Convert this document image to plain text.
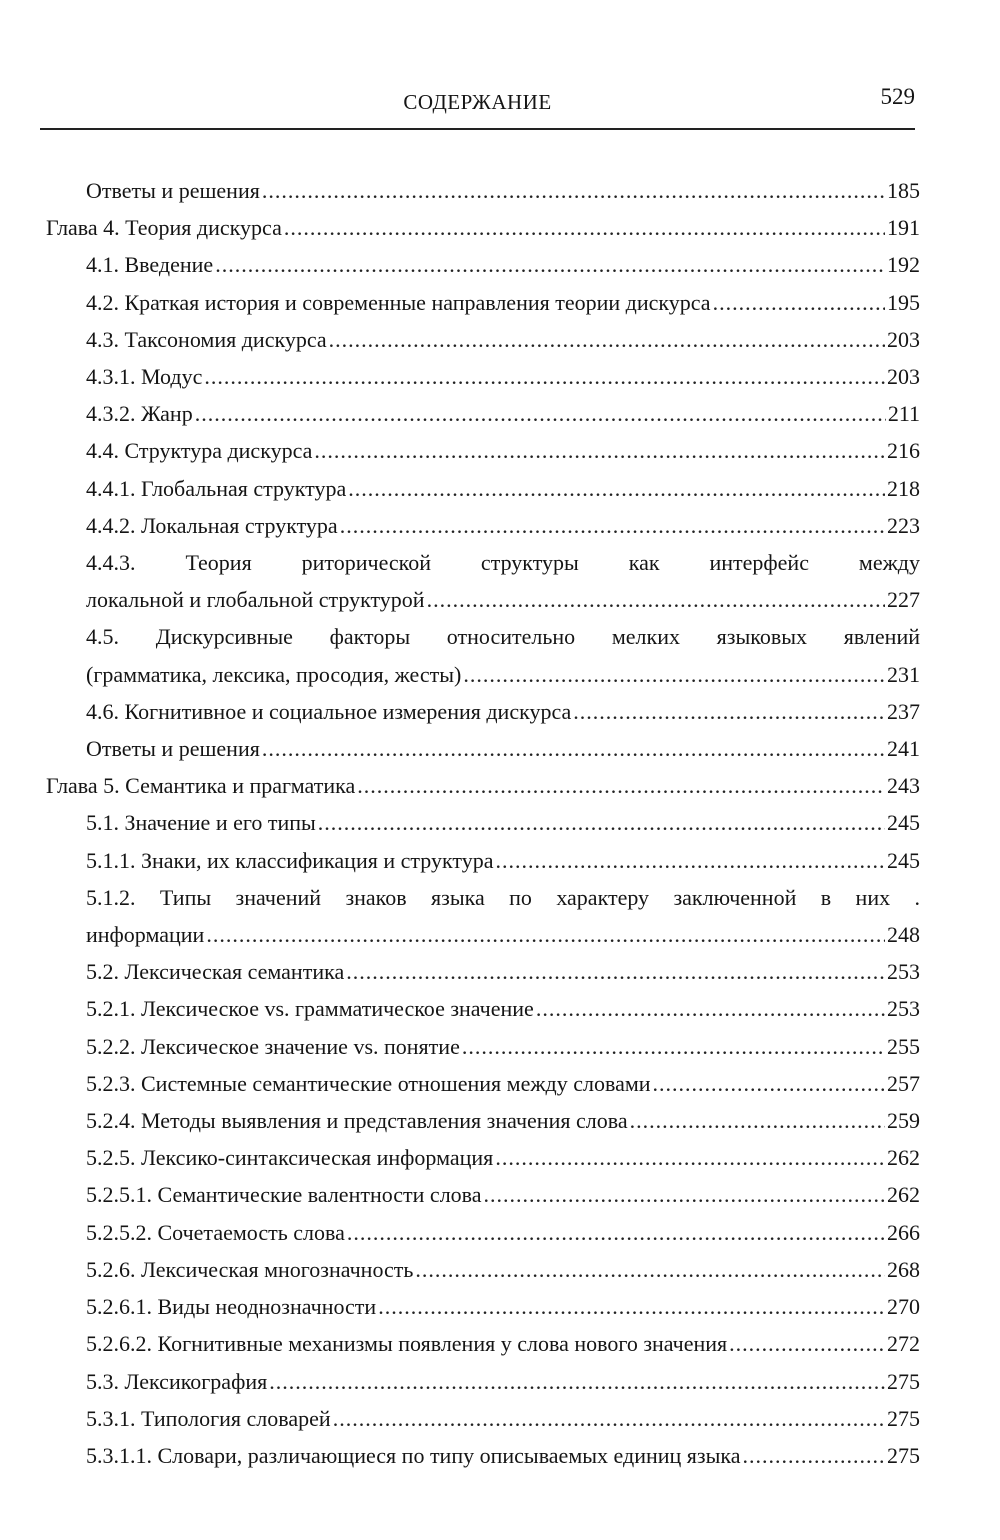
СОДЕРЖАНИЕ	529
Ответы и решения .....	185
Глава 4. Теория дискурса .....	191
4.1. Введение .....	192
4.2. Краткая история и современные направления теории дискурса .....	195
4.3. Таксономия дискурса .....	203
4.3.1. Модус .....	203
4.3.2. Жанр .....	211
4.4. Структура дискурса .....	216
4.4.1. Глобальная структура .....	218
4.4.2. Локальная структура .....	223
4.4.3. Теория риторической структуры как интерфейс между
локальной и глобальной структурой .....	227
4.5. Дискурсивные факторы относительно мелких языковых явлений
(грамматика, лексика, просодия, жесты) .....	231
4.6. Когнитивное и социальное измерения дискурса .....	237
Ответы и решения .....	241
Глава 5. Семантика и прагматика .....	243
5.1. Значение и его типы .....	245
5.1.1. Знаки, их классификация и структура .....	245
5.1.2. Типы значений знаков языка по характеру заключенной в них .
информации .....	248
5.2. Лексическая семантика .....	253
5.2.1. Лексическое vs. грамматическое значение .....	253
5.2.2. Лексическое значение vs. понятие .....	255
5.2.3. Системные семантические отношения между словами .....	257
5.2.4. Методы выявления и представления значения слова .....	259
5.2.5. Лексико-синтаксическая информация .....	262
5.2.5.1. Семантические валентности слова .....	262
5.2.5.2. Сочетаемость слова .....	266
5.2.6. Лексическая многозначность .....	268
5.2.6.1. Виды неоднозначности .....	270
5.2.6.2. Когнитивные механизмы появления у слова нового значения .....	272
5.3. Лексикография .....	275
5.3.1. Типология словарей .....	275
5.3.1.1. Словари, различающиеся по типу описываемых единиц языка .....	275
